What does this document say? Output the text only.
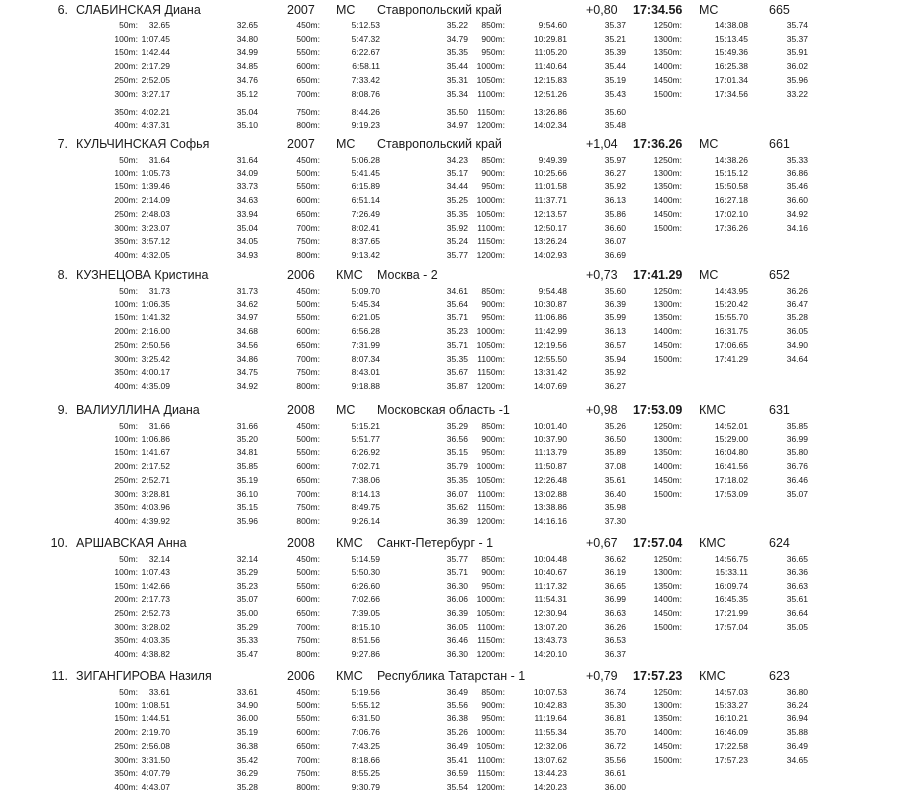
6. СЛАБИНСКАЯ Диана	2007 МС Ставропольский край	+0,80 17:34.56 МС	665
50m:	32.65	32.65
100m: 1:07.45	34.80
150m: 1:42.44	34.99
200m: 2:17.29	34.85
250m: 2:52.05	34.76
300m: 3:27.17	35.12
350m: 4:02.21	35.04
400m: 4:37.31	35.10
450m:	5:12.53	35.22
500m:	5:47.32	34.79
550m:	6:22.67	35.35
600m:	6:58.11	35.44
650m:	7:33.42	35.31
700m:	8:08.76	35.34
750m:	8:44.26	35.50
800m:	9:19.23	34.97
850m:	9:54.60	35.37
900m:	10:29.81	35.21
950m:	11:05.20	35.39
1000m:	11:40.64	35.44
1050m:	12:15.83	35.19
1100m:	12:51.26	35.43
1150m:	13:26.86	35.60
1200m:	14:02.34	35.48
1250m:	14:38.08	35.74
1300m:	15:13.45	35.37
1350m:	15:49.36	35.91
1400m:	16:25.38	36.02
1450m:	17:01.34	35.96
1500m:	17:34.56	33.22
7. КУЛЬЧИНСКАЯ Софья	2007 МС Ставропольский край	+1,04 17:36.26 МС	661
50m:	31.64	31.64
100m: 1:05.73	34.09
150m: 1:39.46	33.73
200m: 2:14.09	34.63
250m: 2:48.03	33.94
300m: 3:23.07	35.04
350m: 3:57.12	34.05
400m: 4:32.05	34.93
450m:	5:06.28	34.23
500m:	5:41.45	35.17
550m:	6:15.89	34.44
600m:	6:51.14	35.25
650m:	7:26.49	35.35
700m:	8:02.41	35.92
750m:	8:37.65	35.24
800m:	9:13.42	35.77
850m:	9:49.39	35.97
900m:	10:25.66	36.27
950m:	11:01.58	35.92
1000m:	11:37.71	36.13
1050m:	12:13.57	35.86
1100m:	12:50.17	36.60
1150m:	13:26.24	36.07
1200m:	14:02.93	36.69
1250m:	14:38.26	35.33
1300m:	15:15.12	36.86
1350m:	15:50.58	35.46
1400m:	16:27.18	36.60
1450m:	17:02.10	34.92
1500m:	17:36.26	34.16
8. КУЗНЕЦОВА Кристина	2006 КМС Москва - 2	+0,73 17:41.29 МС	652
50m:	31.73	31.73
100m: 1:06.35	34.62
150m: 1:41.32	34.97
200m: 2:16.00	34.68
250m: 2:50.56	34.56
300m: 3:25.42	34.86
350m: 4:00.17	34.75
400m: 4:35.09	34.92
450m:	5:09.70	34.61
500m:	5:45.34	35.64
550m:	6:21.05	35.71
600m:	6:56.28	35.23
650m:	7:31.99	35.71
700m:	8:07.34	35.35
750m:	8:43.01	35.67
800m:	9:18.88	35.87
850m:	9:54.48	35.60
900m:	10:30.87	36.39
950m:	11:06.86	35.99
1000m:	11:42.99	36.13
1050m:	12:19.56	36.57
1100m:	12:55.50	35.94
1150m:	13:31.42	35.92
1200m:	14:07.69	36.27
1250m:	14:43.95	36.26
1300m:	15:20.42	36.47
1350m:	15:55.70	35.28
1400m:	16:31.75	36.05
1450m:	17:06.65	34.90
1500m:	17:41.29	34.64
9. ВАЛИУЛЛИНА Диана	2008 МС Московская область -1	+0,98 17:53.09 КМС	631
50m:	31.66	31.66
100m: 1:06.86	35.20
150m: 1:41.67	34.81
200m: 2:17.52	35.85
250m: 2:52.71	35.19
300m: 3:28.81	36.10
350m: 4:03.96	35.15
400m: 4:39.92	35.96
450m:	5:15.21	35.29
500m:	5:51.77	36.56
550m:	6:26.92	35.15
600m:	7:02.71	35.79
650m:	7:38.06	35.35
700m:	8:14.13	36.07
750m:	8:49.75	35.62
800m:	9:26.14	36.39
850m:	10:01.40	35.26
900m:	10:37.90	36.50
950m:	11:13.79	35.89
1000m:	11:50.87	37.08
1050m:	12:26.48	35.61
1100m:	13:02.88	36.40
1150m:	13:38.86	35.98
1200m:	14:16.16	37.30
1250m:	14:52.01	35.85
1300m:	15:29.00	36.99
1350m:	16:04.80	35.80
1400m:	16:41.56	36.76
1450m:	17:18.02	36.46
1500m:	17:53.09	35.07
10. АРШАВСКАЯ Анна	2008 КМС Санкт-Петербург - 1	+0,67 17:57.04 КМС	624
50m:	32.14	32.14
100m: 1:07.43	35.29
150m: 1:42.66	35.23
200m: 2:17.73	35.07
250m: 2:52.73	35.00
300m: 3:28.02	35.29
350m: 4:03.35	35.33
400m: 4:38.82	35.47
450m:	5:14.59	35.77
500m:	5:50.30	35.71
550m:	6:26.60	36.30
600m:	7:02.66	36.06
650m:	7:39.05	36.39
700m:	8:15.10	36.05
750m:	8:51.56	36.46
800m:	9:27.86	36.30
850m:	10:04.48	36.62
900m:	10:40.67	36.19
950m:	11:17.32	36.65
1000m:	11:54.31	36.99
1050m:	12:30.94	36.63
1100m:	13:07.20	36.26
1150m:	13:43.73	36.53
1200m:	14:20.10	36.37
1250m:	14:56.75	36.65
1300m:	15:33.11	36.36
1350m:	16:09.74	36.63
1400m:	16:45.35	35.61
1450m:	17:21.99	36.64
1500m:	17:57.04	35.05
11. ЗИГАНГИРОВА Назиля	2006 КМС Республика Татарстан - 1	+0,79 17:57.23 КМС	623
50m:	33.61	33.61
100m: 1:08.51	34.90
150m: 1:44.51	36.00
200m: 2:19.70	35.19
250m: 2:56.08	36.38
300m: 3:31.50	35.42
350m: 4:07.79	36.29
400m: 4:43.07	35.28
450m:	5:19.56	36.49
500m:	5:55.12	35.56
550m:	6:31.50	36.38
600m:	7:06.76	35.26
650m:	7:43.25	36.49
700m:	8:18.66	35.41
750m:	8:55.25	36.59
800m:	9:30.79	35.54
850m:	10:07.53	36.74
900m:	10:42.83	35.30
950m:	11:19.64	36.81
1000m:	11:55.34	35.70
1050m:	12:32.06	36.72
1100m:	13:07.62	35.56
1150m:	13:44.23	36.61
1200m:	14:20.23	36.00
1250m:	14:57.03	36.80
1300m:	15:33.27	36.24
1350m:	16:10.21	36.94
1400m:	16:46.09	35.88
1450m:	17:22.58	36.49
1500m:	17:57.23	34.65
